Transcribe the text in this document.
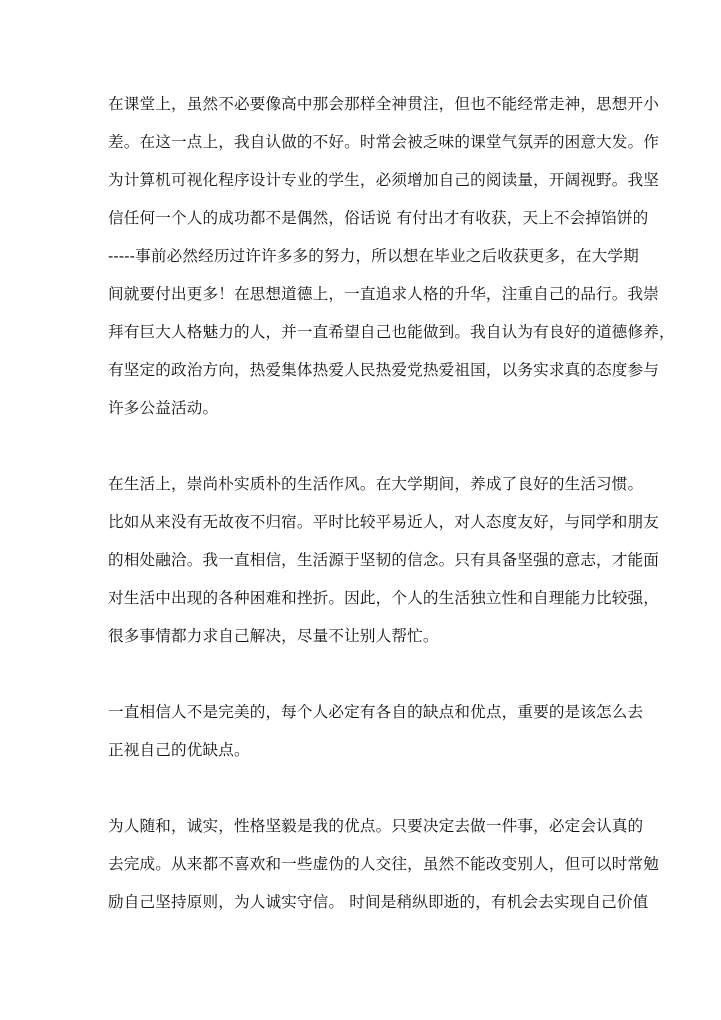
在课堂上，虽然不必要像高中那会那样全神贯注，但也不能经常走神，思想开小

差。在这一点上，我自认做的不好。时常会被乏味的课堂气氛弄的困意大发。作

为计算机可视化程序设计专业的学生，必须增加自己的阅读量，开阔视野。我坚

信任何一个人的成功都不是偶然，俗话说 有付出才有收获，天上不会掉馅饼的

-----事前必然经历过许许多多的努力，所以想在毕业之后收获更多，在大学期

间就要付出更多！在思想道德上，一直追求人格的升华，注重自己的品行。我崇

拜有巨大人格魅力的人，并一直希望自己也能做到。我自认为有良好的道德修养，

有坚定的政治方向，热爱集体热爱人民热爱党热爱祖国，以务实求真的态度参与

许多公益活动。

在生活上，崇尚朴实质朴的生活作风。在大学期间，养成了良好的生活习惯。

比如从来没有无故夜不归宿。平时比较平易近人，对人态度友好，与同学和朋友

的相处融洽。我一直相信，生活源于坚韧的信念。只有具备坚强的意志，才能面

对生活中出现的各种困难和挫折。因此，个人的生活独立性和自理能力比较强，

很多事情都力求自己解决，尽量不让别人帮忙。

一直相信人不是完美的，每个人必定有各自的缺点和优点，重要的是该怎么去

正视自己的优缺点。

为人随和，诚实，性格坚毅是我的优点。只要决定去做一件事，必定会认真的

去完成。从来都不喜欢和一些虚伪的人交往，虽然不能改变别人，但可以时常勉

励自己坚持原则，为人诚实守信。 时间是稍纵即逝的，有机会去实现自己价值
